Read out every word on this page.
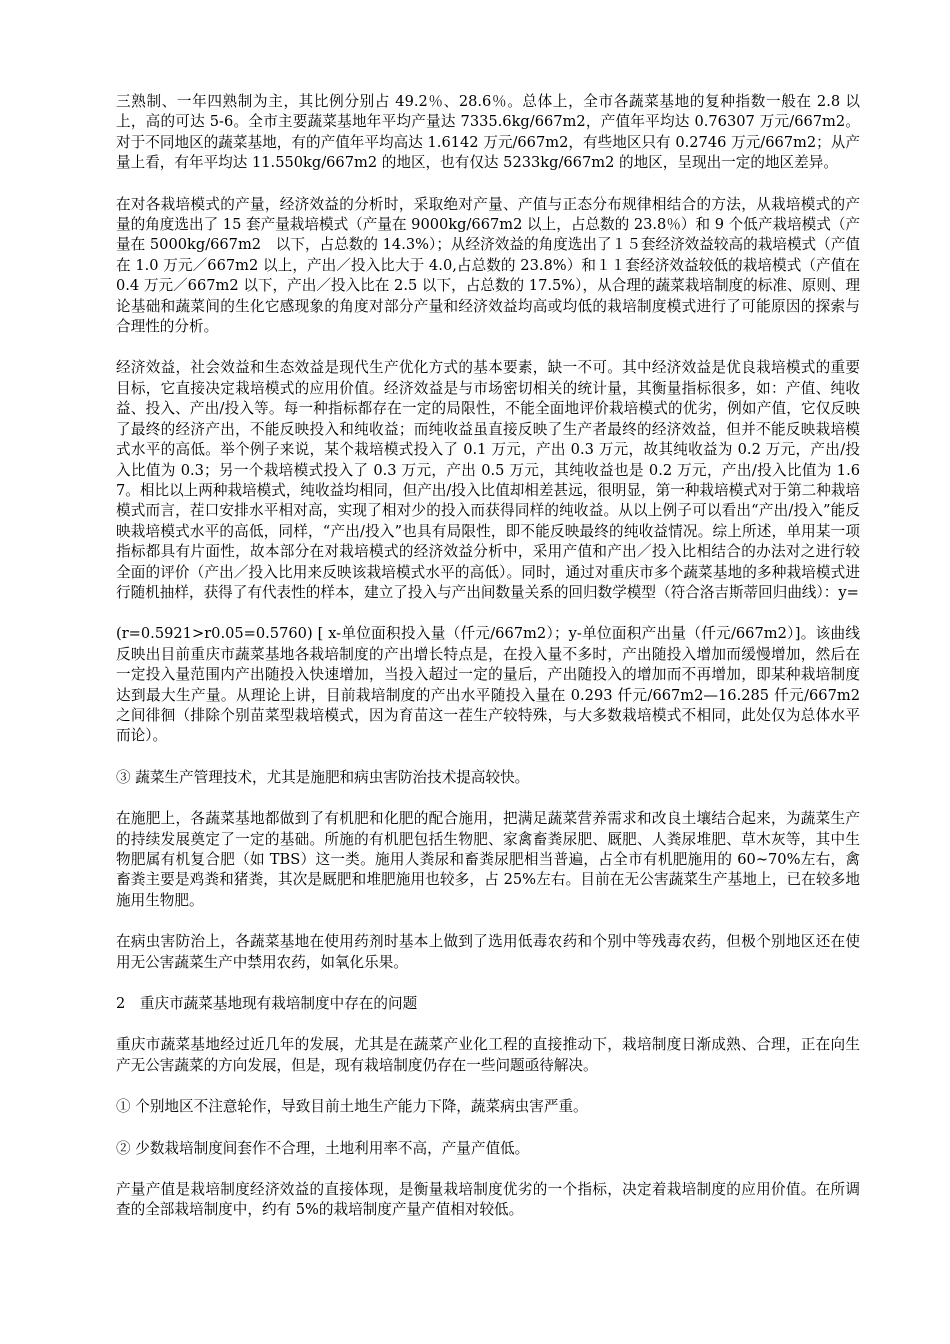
三熟制、一年四熟制为主，其比例分别占 49.2％、28.6％。总体上，全市各蔬菜基地的复种指数一般在 2.8 以上，高的可达 5-6。全市主要蔬菜基地年平均产量达 7335.6kg/667m2，产值年平均达 0.76307 万元/667m2。对于不同地区的蔬菜基地，有的产值年平均高达 1.6142 万元/667m2，有些地区只有 0.2746 万元/667m2；从产量上看，有年平均达 11.550kg/667m2 的地区，也有仅达 5233kg/667m2 的地区，呈现出一定的地区差异。

在对各栽培模式的产量，经济效益的分析时，采取绝对产量、产值与正态分布规律相结合的方法，从栽培模式的产量的角度选出了 15 套产量栽培模式（产量在 9000kg/667m2 以上，占总数的 23.8％）和 9 个低产栽培模式（产量在 5000kg/667m2　以下，占总数的 14.3%）；从经济效益的角度选出了１５套经济效益较高的栽培模式（产值在 1.0 万元／667m2 以上，产出／投入比大于 4.0,占总数的 23.8%）和１１套经济效益较低的栽培模式（产值在 0.4 万元／667m2 以下，产出／投入比在 2.5 以下，占总数的 17.5%），从合理的蔬菜栽培制度的标准、原则、理论基础和蔬菜间的生化它感现象的角度对部分产量和经济效益均高或均低的栽培制度模式进行了可能原因的探索与合理性的分析。

经济效益，社会效益和生态效益是现代生产优化方式的基本要素，缺一不可。其中经济效益是优良栽培模式的重要目标，它直接决定栽培模式的应用价值。经济效益是与市场密切相关的统计量，其衡量指标很多，如：产值、纯收益、投入、产出/投入等。每一种指标都存在一定的局限性，不能全面地评价栽培模式的优劣，例如产值，它仅反映了最终的经济产出，不能反映投入和纯收益；而纯收益虽直接反映了生产者最终的经济效益，但并不能反映栽培模式水平的高低。举个例子来说，某个栽培模式投入了 0.1 万元，产出 0.3 万元，故其纯收益为 0.2 万元，产出/投入比值为 0.3；另一个栽培模式投入了 0.3 万元，产出 0.5 万元，其纯收益也是 0.2 万元，产出/投入比值为 1.67。相比以上两种栽培模式，纯收益均相同，但产出/投入比值却相差甚远，很明显，第一种栽培模式对于第二种栽培模式而言，茬口安排水平相对高，实现了相对少的投入而获得同样的纯收益。从以上例子可以看出“产出/投入”能反映栽培模式水平的高低，同样，“产出/投入”也具有局限性，即不能反映最终的纯收益情况。综上所述，单用某一项指标都具有片面性，故本部分在对栽培模式的经济效益分析中，采用产值和产出／投入比相结合的办法对之进行较全面的评价（产出／投入比用来反映该栽培模式水平的高低）。同时，通过对重庆市多个蔬菜基地的多种栽培模式进行随机抽样，获得了有代表性的样本，建立了投入与产出间数量关系的回归数学模型（符合洛吉斯蒂回归曲线）：y=

(r=0.5921>r0.05=0.5760) [ x-单位面积投入量（仟元/667m2）；y-单位面积产出量（仟元/667m2）]。该曲线反映出目前重庆市蔬菜基地各栽培制度的产出增长特点是，在投入量不多时，产出随投入增加而缓慢增加，然后在一定投入量范围内产出随投入快速增加，当投入超过一定的量后，产出随投入的增加而不再增加，即某种栽培制度达到最大生产量。从理论上讲，目前栽培制度的产出水平随投入量在 0.293 仟元/667m2—16.285 仟元/667m2 之间徘徊（排除个别苗菜型栽培模式，因为育苗这一茬生产较特殊，与大多数栽培模式不相同，此处仅为总体水平而论）。

③ 蔬菜生产管理技术，尤其是施肥和病虫害防治技术提高较快。

在施肥上，各蔬菜基地都做到了有机肥和化肥的配合施用，把满足蔬菜营养需求和改良土壤结合起来，为蔬菜生产的持续发展奠定了一定的基础。所施的有机肥包括生物肥、家禽畜粪尿肥、厩肥、人粪尿堆肥、草木灰等，其中生物肥属有机复合肥（如 TBS）这一类。施用人粪尿和畜粪尿肥相当普遍，占全市有机肥施用的 60~70%左右，禽畜粪主要是鸡粪和猪粪，其次是厩肥和堆肥施用也较多，占 25%左右。目前在无公害蔬菜生产基地上，已在较多地施用生物肥。

在病虫害防治上，各蔬菜基地在使用药剂时基本上做到了选用低毒农药和个别中等残毒农药，但极个别地区还在使用无公害蔬菜生产中禁用农药，如氧化乐果。

2　重庆市蔬菜基地现有栽培制度中存在的问题

重庆市蔬菜基地经过近几年的发展，尤其是在蔬菜产业化工程的直接推动下，栽培制度日渐成熟、合理，正在向生产无公害蔬菜的方向发展，但是，现有栽培制度仍存在一些问题亟待解决。

① 个别地区不注意轮作，导致目前土地生产能力下降，蔬菜病虫害严重。

② 少数栽培制度间套作不合理，土地利用率不高，产量产值低。

产量产值是栽培制度经济效益的直接体现，是衡量栽培制度优劣的一个指标，决定着栽培制度的应用价值。在所调查的全部栽培制度中，约有 5%的栽培制度产量产值相对较低。
